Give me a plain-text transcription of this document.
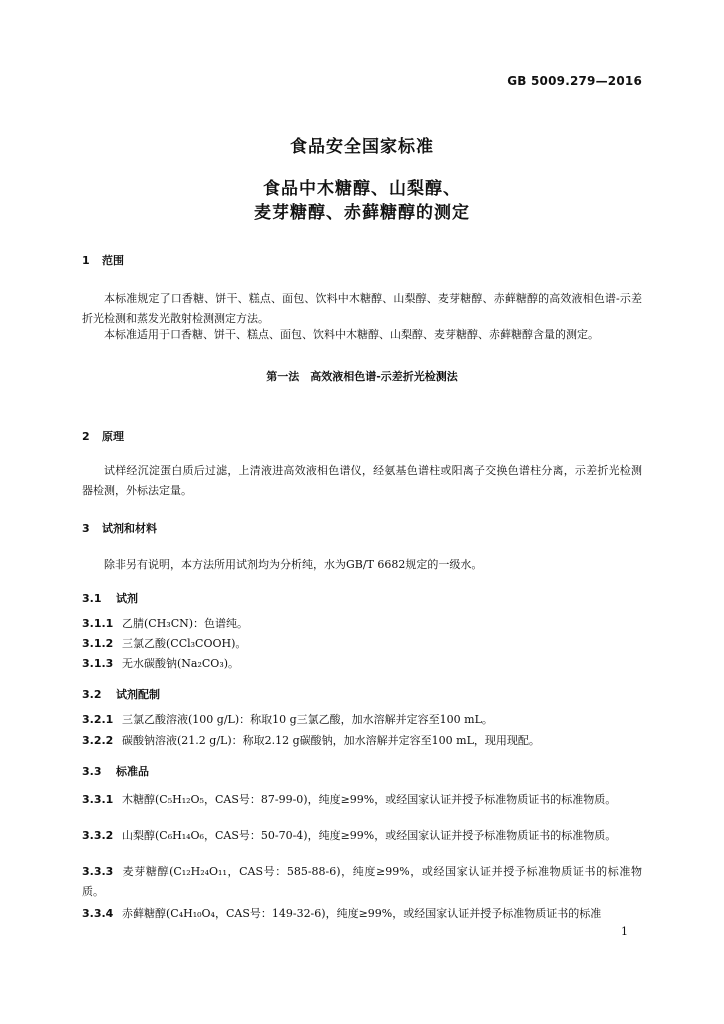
GB 5009.279—2016

食品安全国家标准

食品中木糖醇、山梨醇、

麦芽糖醇、赤藓糖醇的测定

1 范围
本标准规定了口香糖、饼干、糕点、面包、饮料中木糖醇、山梨醇、麦芽糖醇、赤藓糖醇的高效液相色谱-示差折光检测和蒸发光散射检测测定方法。
本标准适用于口香糖、饼干、糕点、面包、饮料中木糖醇、山梨醇、麦芽糖醇、赤藓糖醇含量的测定。
第一法　高效液相色谱-示差折光检测法
2 原理
试样经沉淀蛋白质后过滤，上清液进高效液相色谱仪，经氨基色谱柱或阳离子交换色谱柱分离，示差折光检测器检测，外标法定量。
3 试剂和材料
除非另有说明，本方法所用试剂均为分析纯，水为GB/T 6682规定的一级水。
3.1 试剂
3.1.1 乙腈(CH₃CN)：色谱纯。
3.1.2 三氯乙酸(CCl₃COOH)。
3.1.3 无水碳酸钠(Na₂CO₃)。
3.2 试剂配制
3.2.1 三氯乙酸溶液(100 g/L)：称取10 g三氯乙酸，加水溶解并定容至100 mL。
3.2.2 碳酸钠溶液(21.2 g/L)：称取2.12 g碳酸钠，加水溶解并定容至100 mL，现用现配。
3.3 标准品
3.3.1 木糖醇(C₅H₁₂O₅，CAS号：87-99-0)，纯度≥99%，或经国家认证并授予标准物质证书的标准物质。
3.3.2 山梨醇(C₆H₁₄O₆，CAS号：50-70-4)，纯度≥99%，或经国家认证并授予标准物质证书的标准物质。
3.3.3 麦芽糖醇(C₁₂H₂₄O₁₁，CAS号：585-88-6)，纯度≥99%，或经国家认证并授予标准物质证书的标准物质。
3.3.4 赤藓糖醇(C₄H₁₀O₄，CAS号：149-32-6)，纯度≥99%，或经国家认证并授予标准物质证书的标准
1
